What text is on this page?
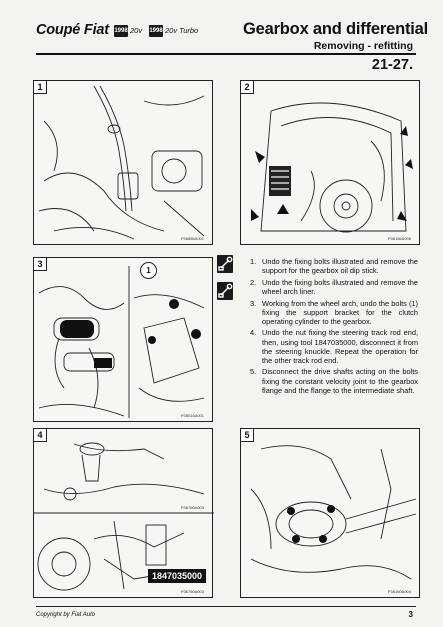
Coupé Fiat 1998 20v 1998 20v Turbo	Gearbox and differential
Removing - refitting
21-27.
1
P36855A001
2
P36156A006
3
1
P35016A001
1. Undo the fixing bolts illustrated and remove the support for the gearbox oil dip stick.
2. Undo the fixing bolts illustrated and remove the wheel arch liner.
3. Working from the wheel arch, undo the bolts (1) fixing the support bracket for the clutch operating cylinder to the gearbox.
4. Undo the nut fixing the steering track rod end, then, using tool 1847035000, disconnect it from the steering knuckle. Repeat the operation for the other track rod end.
5. Disconnect the drive shafts acting on the bolts fixing the constant velocity joint to the gearbox flange and the flange to the intermediate shaft.
4
P36760A003
1847035000
P36760A003
5
P36160A004
Copyright by Fiat Auto	3
